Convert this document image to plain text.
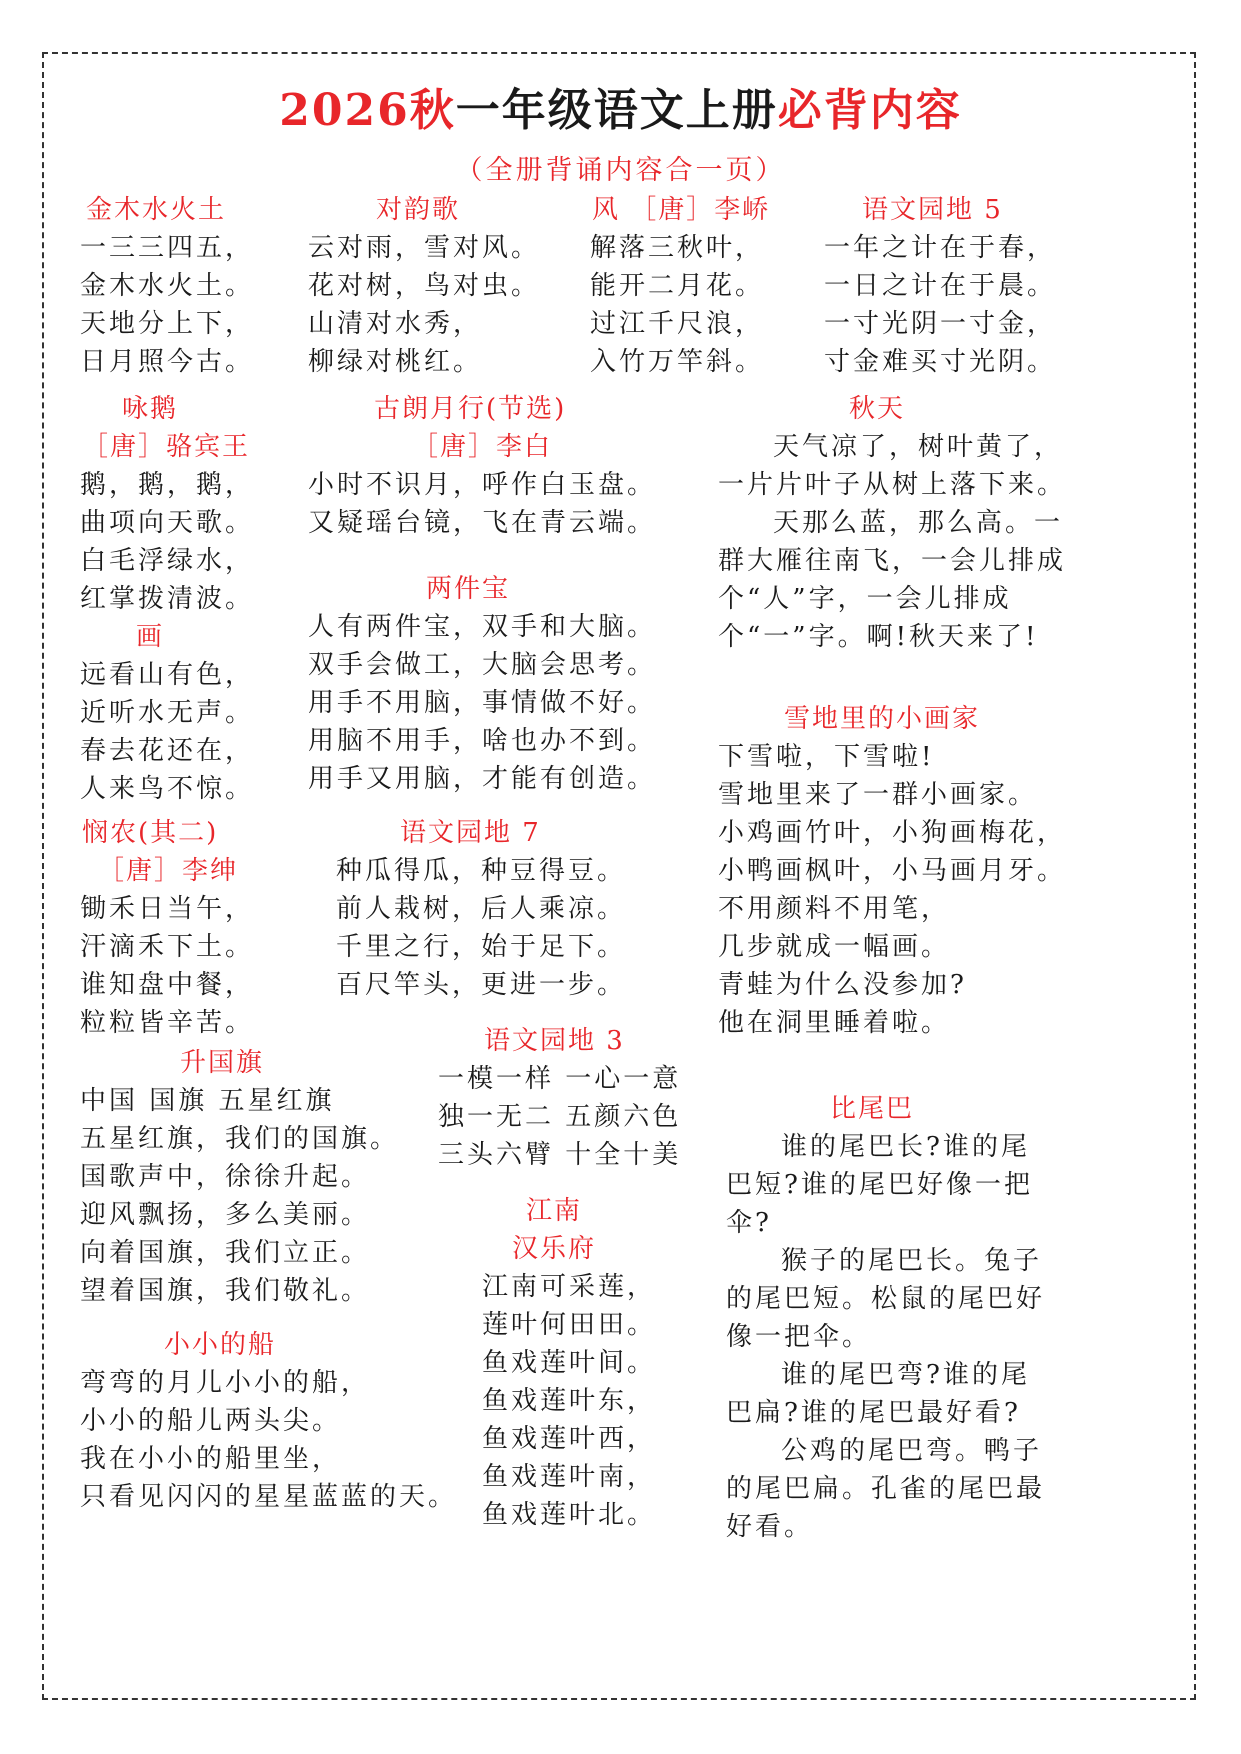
2026秋一年级语文上册必背内容
（全册背诵内容合一页）
金木水火土
一三三四五，
金木水火土。
天地分上下，
日月照今古。
对韵歌
云对雨，雪对风。
花对树，鸟对虫。
山清对水秀，
柳绿对桃红。
风 ［唐］李峤
解落三秋叶，
能开二月花。
过江千尺浪，
入竹万竿斜。
语文园地 5
一年之计在于春，
一日之计在于晨。
一寸光阴一寸金，
寸金难买寸光阴。
咏鹅
［唐］骆宾王
鹅，鹅，鹅，
曲项向天歌。
白毛浮绿水，
红掌拨清波。
古朗月行(节选)
［唐］李白
小时不识月，呼作白玉盘。
又疑瑶台镜，飞在青云端。
秋天
天气凉了，树叶黄了，
一片片叶子从树上落下来。
天那么蓝，那么高。一
群大雁往南飞，一会儿排成
个“人”字，一会儿排成
个“一”字。啊!秋天来了!
两件宝
人有两件宝，双手和大脑。
双手会做工，大脑会思考。
用手不用脑，事情做不好。
用脑不用手，啥也办不到。
用手又用脑，才能有创造。
画
远看山有色，
近听水无声。
春去花还在，
人来鸟不惊。
雪地里的小画家
下雪啦，下雪啦!
雪地里来了一群小画家。
小鸡画竹叶，小狗画梅花，
小鸭画枫叶，小马画月牙。
不用颜料不用笔，
几步就成一幅画。
青蛙为什么没参加?
他在洞里睡着啦。
悯农(其二)
［唐］李绅
锄禾日当午，
汗滴禾下土。
谁知盘中餐，
粒粒皆辛苦。
语文园地 7
种瓜得瓜，种豆得豆。
前人栽树，后人乘凉。
千里之行，始于足下。
百尺竿头，更进一步。
语文园地 3
一模一样 一心一意
独一无二 五颜六色
三头六臂 十全十美
升国旗
中国 国旗 五星红旗
五星红旗，我们的国旗。
国歌声中，徐徐升起。
迎风飘扬，多么美丽。
向着国旗，我们立正。
望着国旗，我们敬礼。
比尾巴
谁的尾巴长?谁的尾
巴短?谁的尾巴好像一把
伞?
猴子的尾巴长。兔子
的尾巴短。松鼠的尾巴好
像一把伞。
谁的尾巴弯?谁的尾
巴扁?谁的尾巴最好看?
公鸡的尾巴弯。鸭子
的尾巴扁。孔雀的尾巴最
好看。
江南
汉乐府
江南可采莲，
莲叶何田田。
鱼戏莲叶间。
鱼戏莲叶东，
鱼戏莲叶西，
鱼戏莲叶南，
鱼戏莲叶北。
小小的船
弯弯的月儿小小的船，
小小的船儿两头尖。
我在小小的船里坐，
只看见闪闪的星星蓝蓝的天。
